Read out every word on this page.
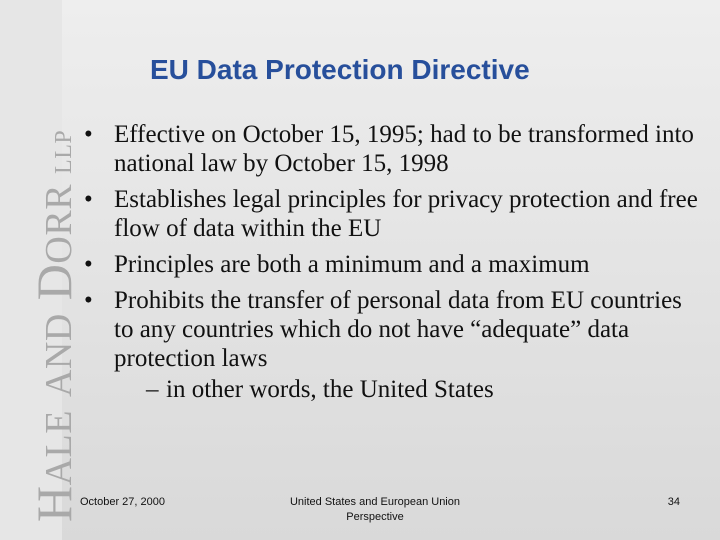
HALE AND DORRLLP
EU Data Protection Directive
• Effective on October 15, 1995; had to be transformed into national law by October 15, 1998
• Establishes legal principles for privacy protection and free flow of data within the EU
• Principles are both a minimum and a maximum
• Prohibits the transfer of personal data from EU countries to any countries which do not have “adequate” data protection laws
– in other words, the United States
October 27, 2000	United States and European Union
Perspective
34
